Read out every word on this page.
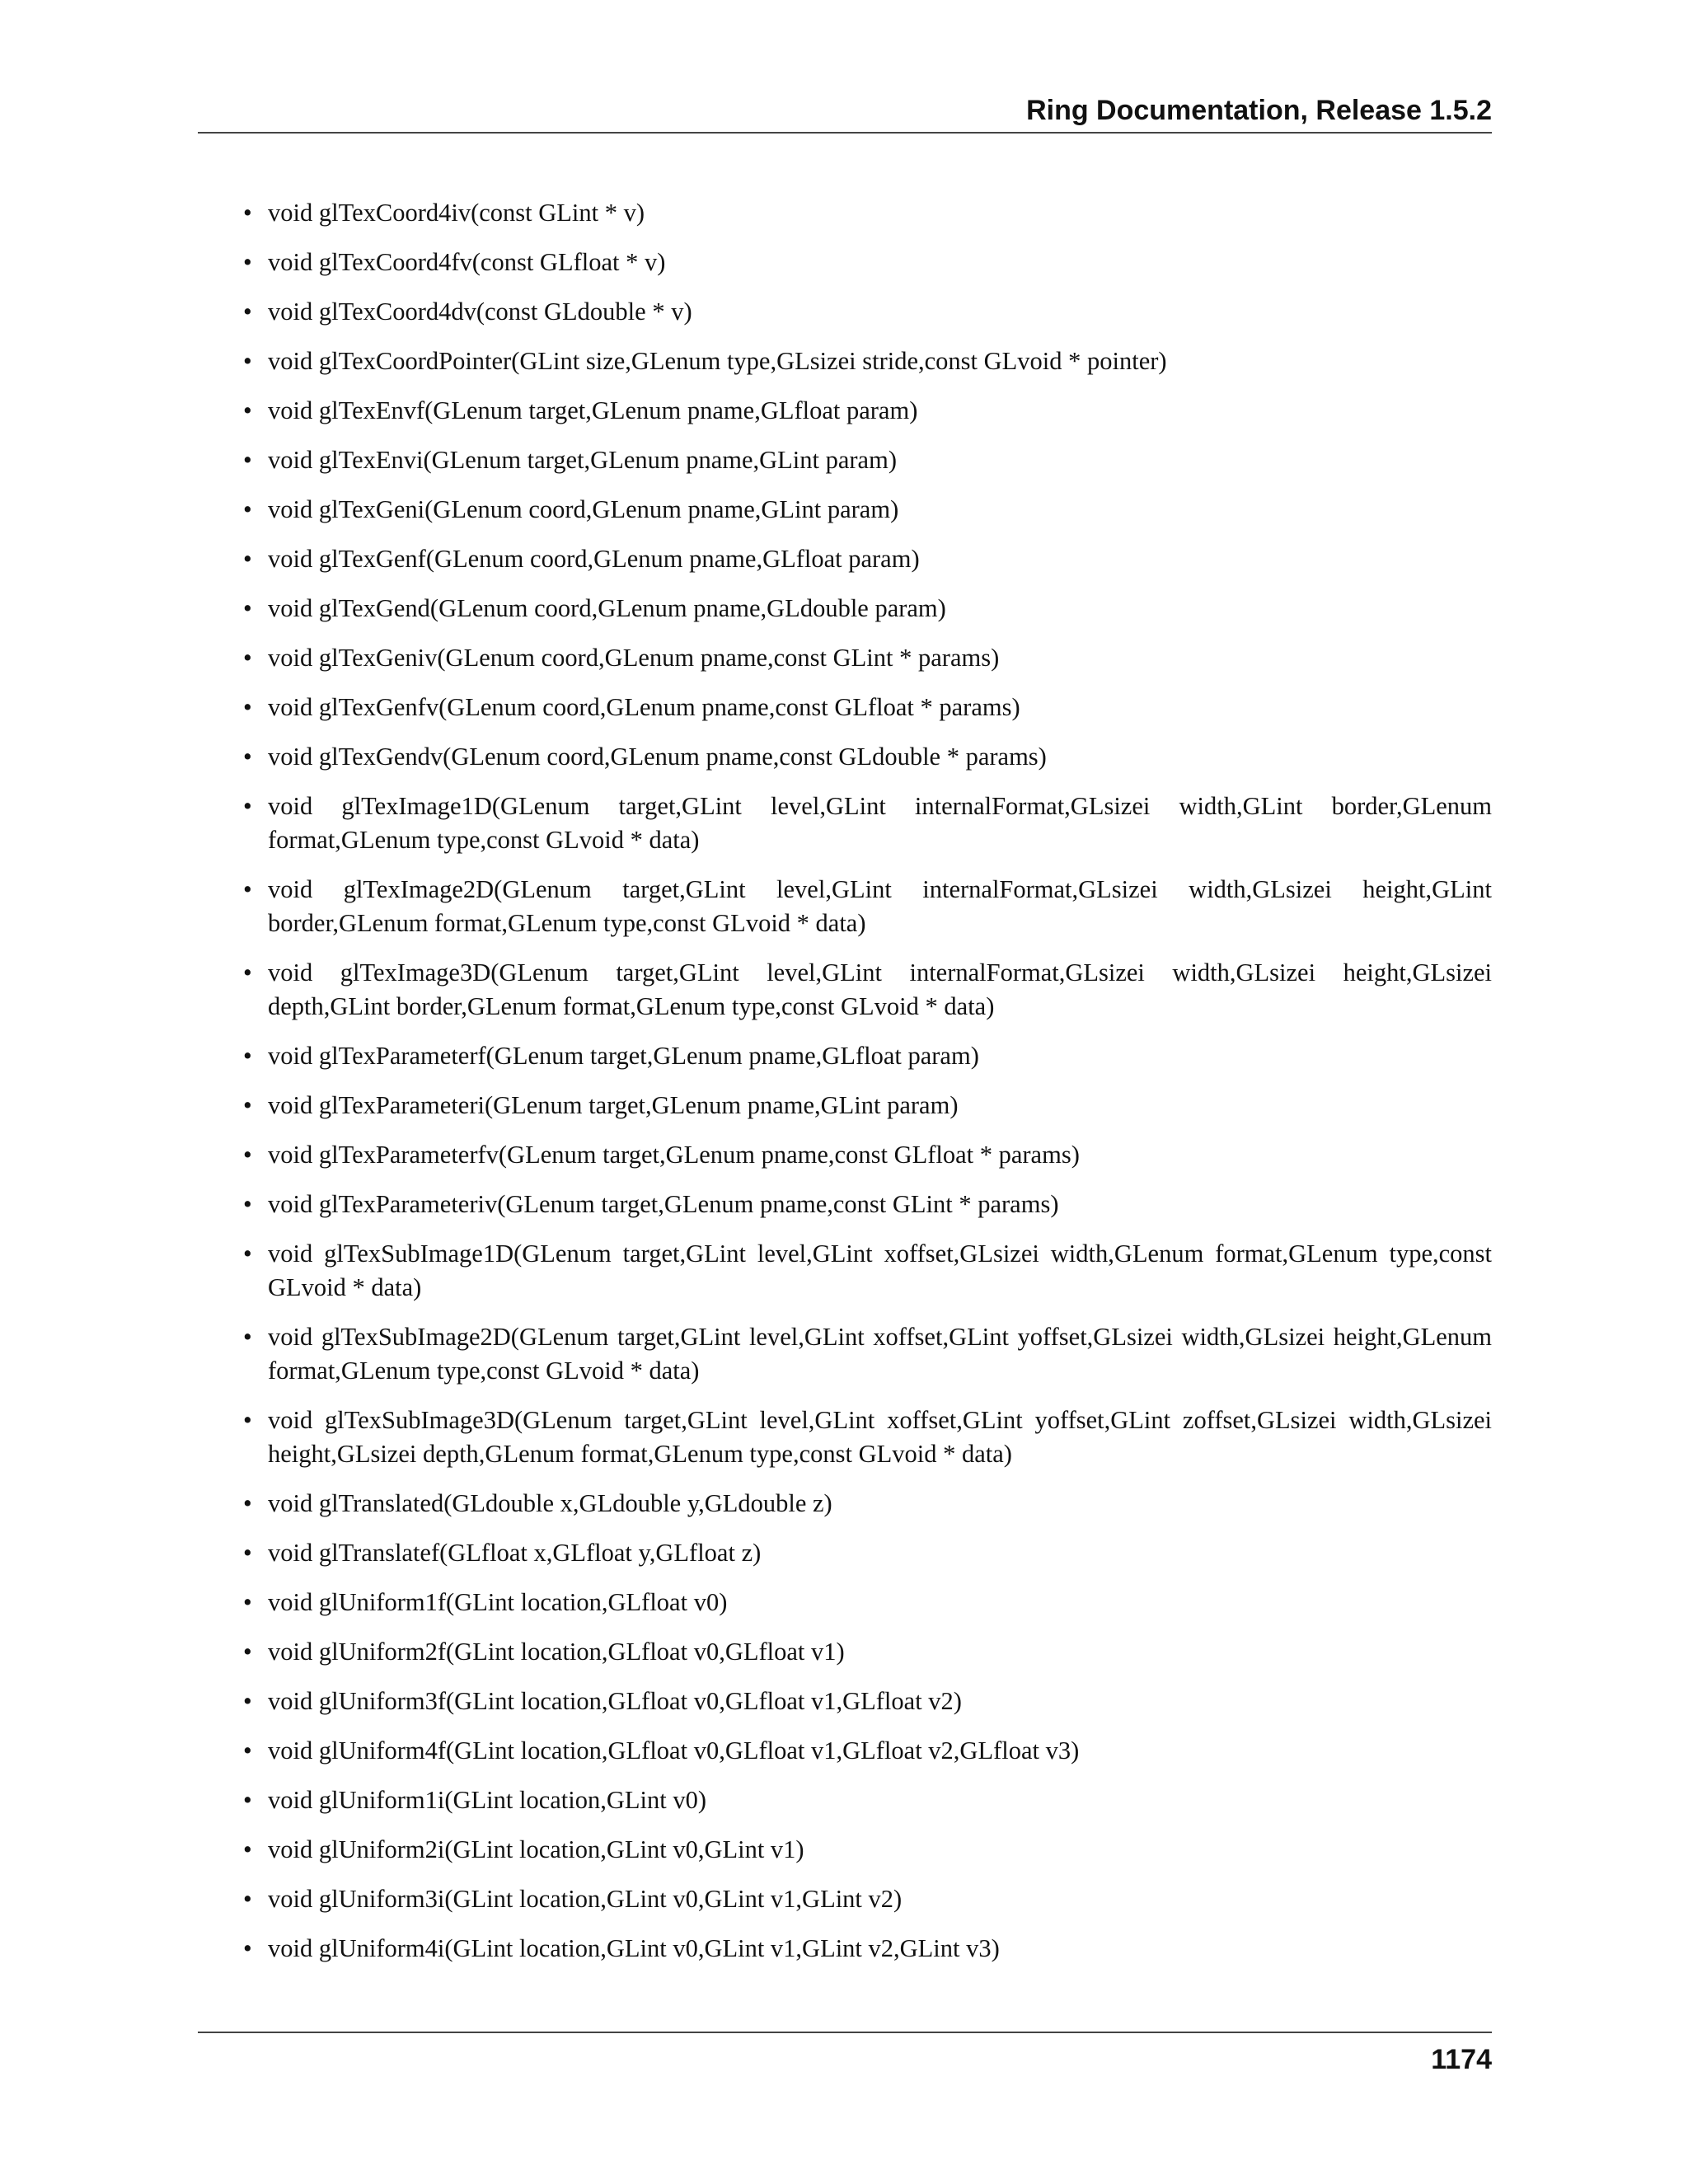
Ring Documentation, Release 1.5.2
• void glTexCoord4iv(const GLint * v)
• void glTexCoord4fv(const GLfloat * v)
• void glTexCoord4dv(const GLdouble * v)
• void glTexCoordPointer(GLint size,GLenum type,GLsizei stride,const GLvoid * pointer)
• void glTexEnvf(GLenum target,GLenum pname,GLfloat param)
• void glTexEnvi(GLenum target,GLenum pname,GLint param)
• void glTexGeni(GLenum coord,GLenum pname,GLint param)
• void glTexGenf(GLenum coord,GLenum pname,GLfloat param)
• void glTexGend(GLenum coord,GLenum pname,GLdouble param)
• void glTexGeniv(GLenum coord,GLenum pname,const GLint * params)
• void glTexGenfv(GLenum coord,GLenum pname,const GLfloat * params)
• void glTexGendv(GLenum coord,GLenum pname,const GLdouble * params)
• void glTexImage1D(GLenum target,GLint level,GLint internalFormat,GLsizei width,GLint border,GLenum format,GLenum type,const GLvoid * data)
• void glTexImage2D(GLenum target,GLint level,GLint internalFormat,GLsizei width,GLsizei height,GLint border,GLenum format,GLenum type,const GLvoid * data)
• void glTexImage3D(GLenum target,GLint level,GLint internalFormat,GLsizei width,GLsizei height,GLsizei depth,GLint border,GLenum format,GLenum type,const GLvoid * data)
• void glTexParameterf(GLenum target,GLenum pname,GLfloat param)
• void glTexParameteri(GLenum target,GLenum pname,GLint param)
• void glTexParameterfv(GLenum target,GLenum pname,const GLfloat * params)
• void glTexParameteriv(GLenum target,GLenum pname,const GLint * params)
• void glTexSubImage1D(GLenum target,GLint level,GLint xoffset,GLsizei width,GLenum format,GLenum type,const GLvoid * data)
• void glTexSubImage2D(GLenum target,GLint level,GLint xoffset,GLint yoffset,GLsizei width,GLsizei height,GLenum format,GLenum type,const GLvoid * data)
• void glTexSubImage3D(GLenum target,GLint level,GLint xoffset,GLint yoffset,GLint zoffset,GLsizei width,GLsizei height,GLsizei depth,GLenum format,GLenum type,const GLvoid * data)
• void glTranslated(GLdouble x,GLdouble y,GLdouble z)
• void glTranslatef(GLfloat x,GLfloat y,GLfloat z)
• void glUniform1f(GLint location,GLfloat v0)
• void glUniform2f(GLint location,GLfloat v0,GLfloat v1)
• void glUniform3f(GLint location,GLfloat v0,GLfloat v1,GLfloat v2)
• void glUniform4f(GLint location,GLfloat v0,GLfloat v1,GLfloat v2,GLfloat v3)
• void glUniform1i(GLint location,GLint v0)
• void glUniform2i(GLint location,GLint v0,GLint v1)
• void glUniform3i(GLint location,GLint v0,GLint v1,GLint v2)
• void glUniform4i(GLint location,GLint v0,GLint v1,GLint v2,GLint v3)
1174
